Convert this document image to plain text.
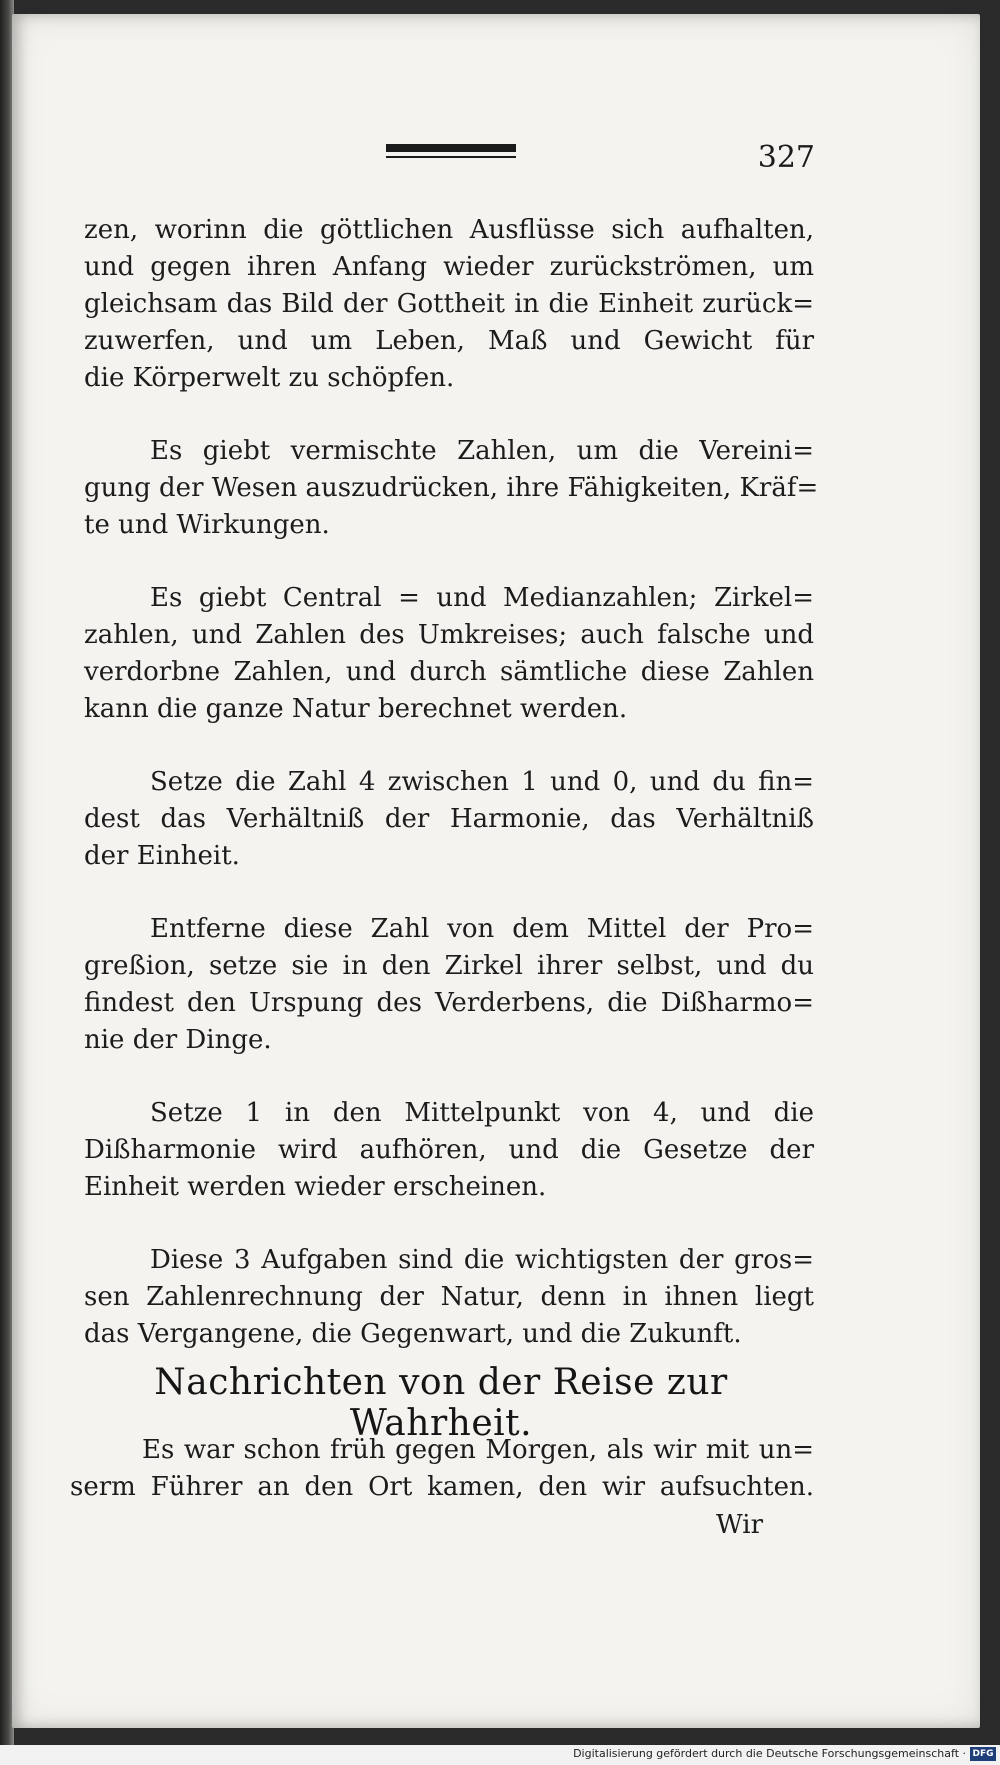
327
zen, worinn die göttlichen Ausflüsse sich aufhalten,
und gegen ihren Anfang wieder zurückströmen, um
gleichsam das Bild der Gottheit in die Einheit zurück=
zuwerfen, und um Leben, Maß und Gewicht für
die Körperwelt zu schöpfen.
Es giebt vermischte Zahlen, um die Vereini=
gung der Wesen auszudrücken, ihre Fähigkeiten, Kräf=
te und Wirkungen.
Es giebt Central = und Medianzahlen; Zirkel=
zahlen, und Zahlen des Umkreises; auch falsche und
verdorbne Zahlen, und durch sämtliche diese Zahlen
kann die ganze Natur berechnet werden.
Setze die Zahl 4 zwischen 1 und 0, und du fin=
dest das Verhältniß der Harmonie, das Verhältniß
der Einheit.
Entferne diese Zahl von dem Mittel der Pro=
greßion, setze sie in den Zirkel ihrer selbst, und du
findest den Urspung des Verderbens, die Dißharmo=
nie der Dinge.
Setze 1 in den Mittelpunkt von 4, und die
Dißharmonie wird aufhören, und die Gesetze der
Einheit werden wieder erscheinen.
Diese 3 Aufgaben sind die wichtigsten der gros=
sen Zahlenrechnung der Natur, denn in ihnen liegt
das Vergangene, die Gegenwart, und die Zukunft.
Nachrichten von der Reise zur Wahrheit.
Es war schon früh gegen Morgen, als wir mit un=
serm Führer an den Ort kamen, den wir aufsuchten.
Wir
Digitalisierung gefördert durch die Deutsche Forschungsgemeinschaft · DFG
